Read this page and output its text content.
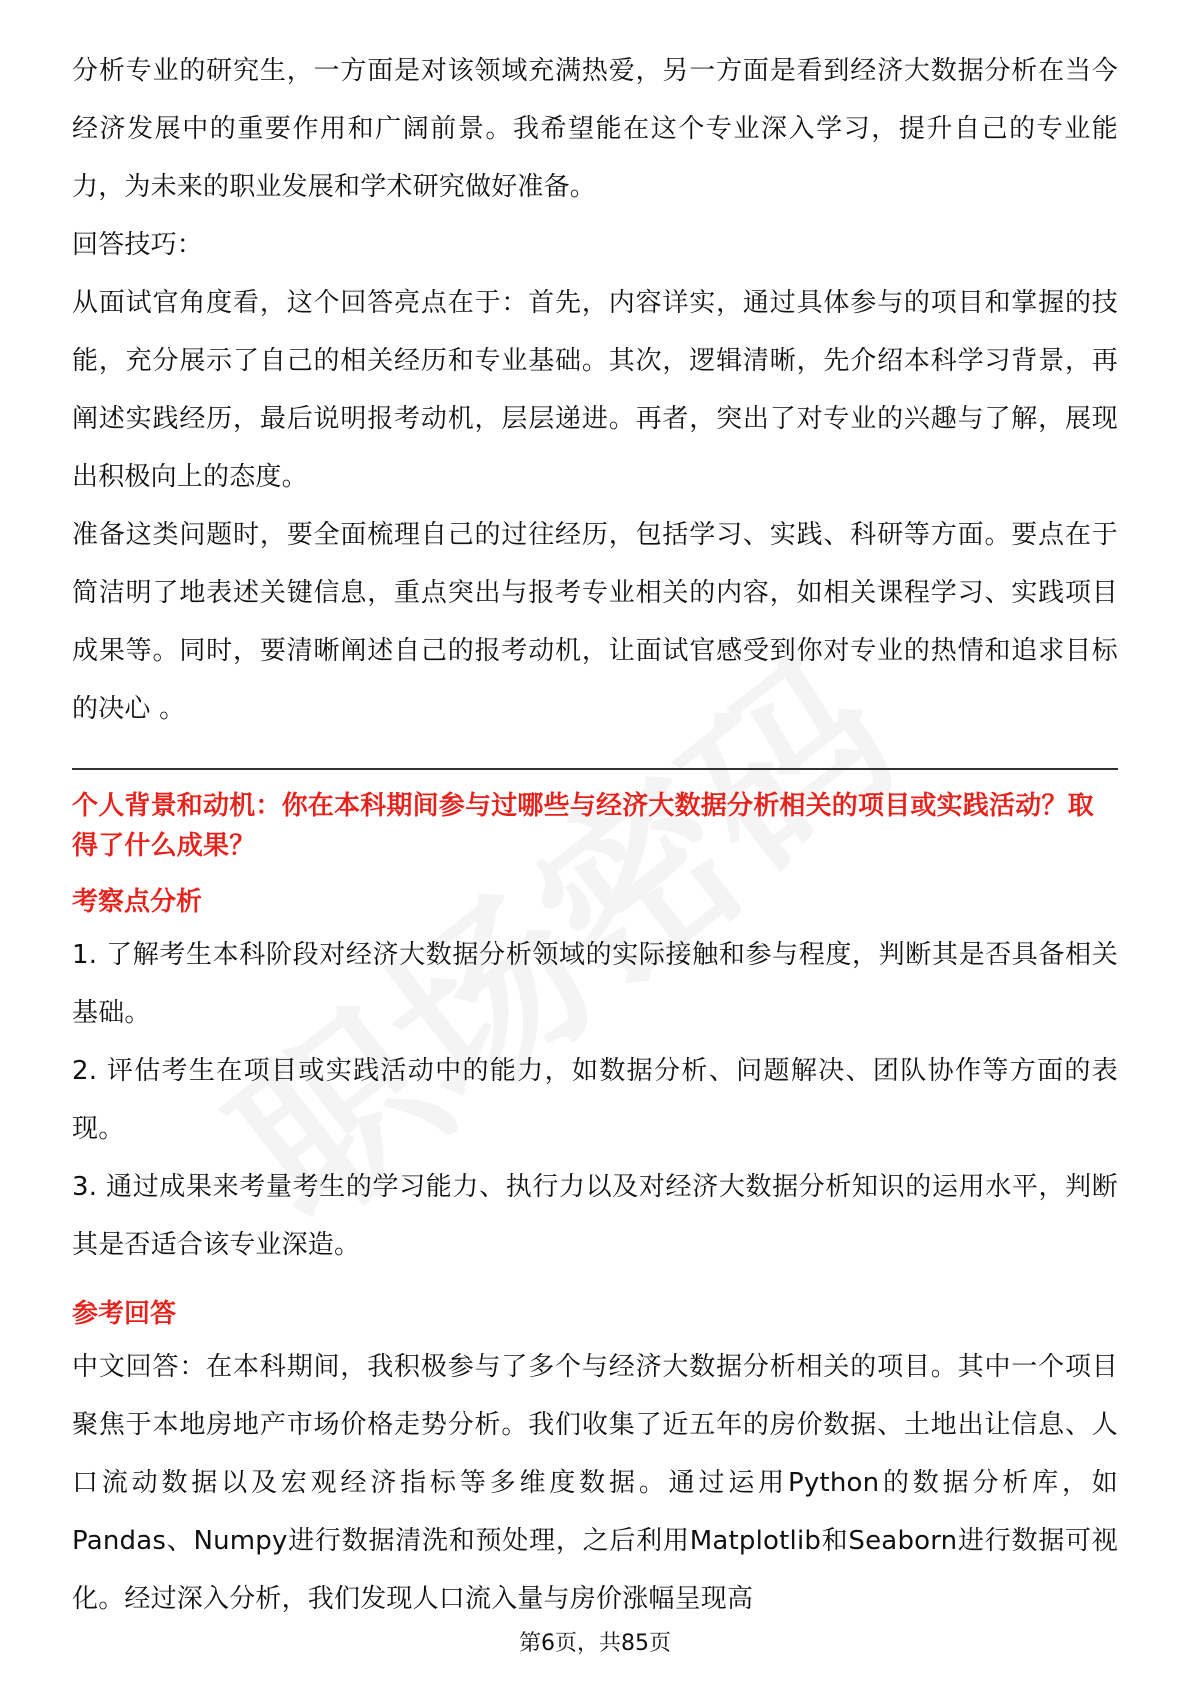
分析专业的研究生，一方面是对该领域充满热爱，另一方面是看到经济大数据分析在当今经济发展中的重要作用和广阔前景。我希望能在这个专业深入学习，提升自己的专业能力，为未来的职业发展和学术研究做好准备。

回答技巧：

从面试官角度看，这个回答亮点在于：首先，内容详实，通过具体参与的项目和掌握的技能，充分展示了自己的相关经历和专业基础。其次，逻辑清晰，先介绍本科学习背景，再阐述实践经历，最后说明报考动机，层层递进。再者，突出了对专业的兴趣与了解，展现出积极向上的态度。

准备这类问题时，要全面梳理自己的过往经历，包括学习、实践、科研等方面。要点在于简洁明了地表述关键信息，重点突出与报考专业相关的内容，如相关课程学习、实践项目成果等。同时，要清晰阐述自己的报考动机，让面试官感受到你对专业的热情和追求目标的决心 。

个人背景和动机：你在本科期间参与过哪些与经济大数据分析相关的项目或实践活动？取得了什么成果？

考察点分析

1. 了解考生本科阶段对经济大数据分析领域的实际接触和参与程度，判断其是否具备相关基础。

2. 评估考生在项目或实践活动中的能力，如数据分析、问题解决、团队协作等方面的表现。

3. 通过成果来考量考生的学习能力、执行力以及对经济大数据分析知识的运用水平，判断其是否适合该专业深造。

参考回答

中文回答：在本科期间，我积极参与了多个与经济大数据分析相关的项目。其中一个项目聚焦于本地房地产市场价格走势分析。我们收集了近五年的房价数据、土地出让信息、人口流动数据以及宏观经济指标等多维度数据。通过运用Python的数据分析库，如Pandas、Numpy进行数据清洗和预处理，之后利用Matplotlib和Seaborn进行数据可视化。经过深入分析，我们发现人口流入量与房价涨幅呈现高

第6页，共85页
